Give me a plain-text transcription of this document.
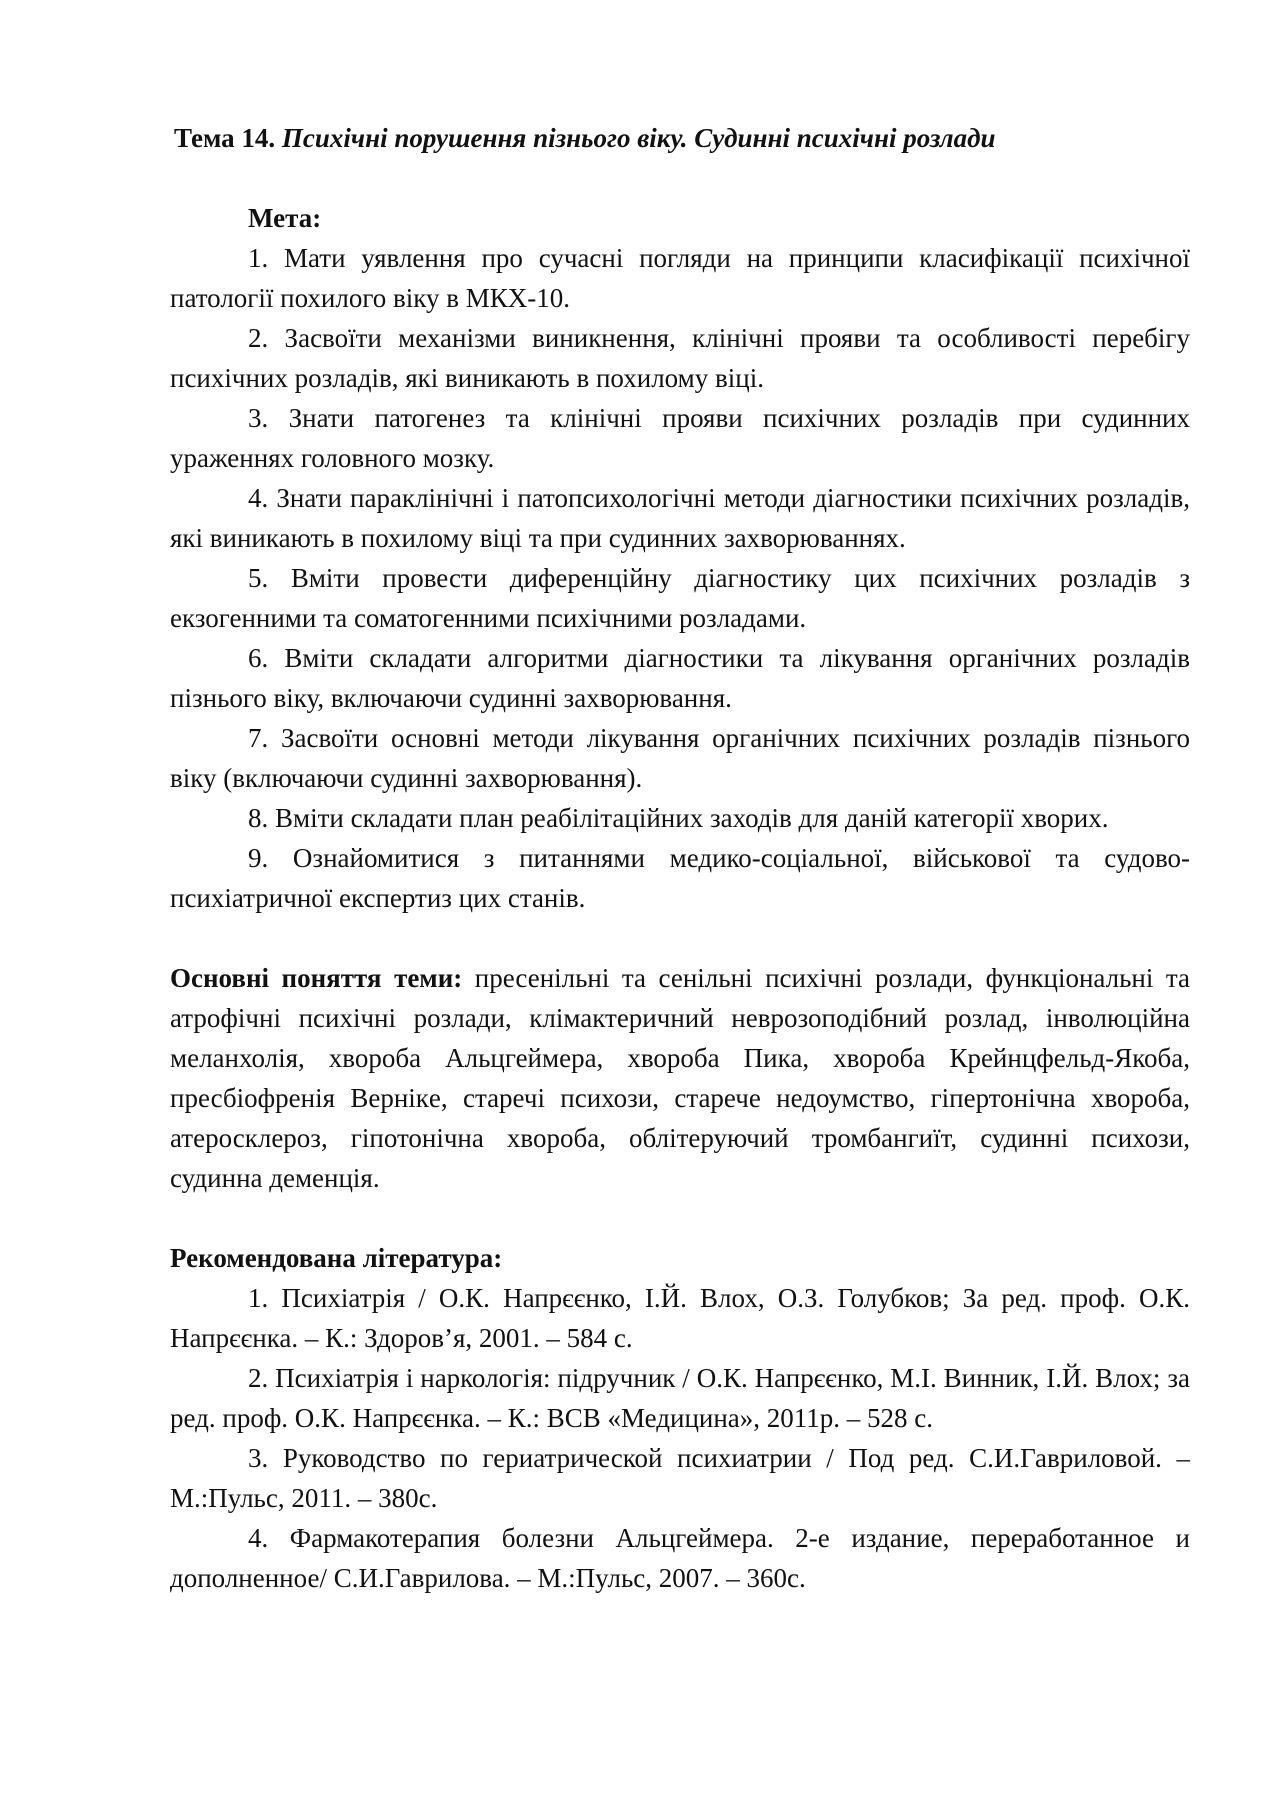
Тема 14. Психічні порушення пізнього віку. Судинні психічні розлади

Мета:

1. Мати уявлення про сучасні погляди на принципи класифікації психічної патології похилого віку в МКХ-10.

2. Засвоїти механізми виникнення, клінічні прояви та особливості перебігу психічних розладів, які виникають в похилому віці.

3. Знати патогенез та клінічні прояви психічних розладів при судинних ураженнях головного мозку.

4. Знати параклінічні і патопсихологічні методи діагностики психічних розладів, які виникають в похилому віці та при судинних захворюваннях.

5. Вміти провести диференційну діагностику цих психічних розладів з екзогенними та соматогенними психічними розладами.

6. Вміти складати алгоритми діагностики та лікування органічних розладів пізнього віку, включаючи судинні захворювання.

7. Засвоїти основні методи лікування органічних психічних розладів пізнього віку (включаючи судинні захворювання).

8. Вміти складати план реабілітаційних заходів для даній категорії хворих.

9. Ознайомитися з питаннями медико-соціальної, військової та судово-психіатричної експертиз цих станів.

Основні поняття теми: пресенільні та сенільні психічні розлади, функціональні та атрофічні психічні розлади, клімактеричний неврозоподібний розлад, інволюційна меланхолія, хвороба Альцгеймера, хвороба Пика, хвороба Крейнцфельд-Якоба, пресбіофренія Вернікe, старечі психози, старече недоумство, гіпертонічна хвороба, атеросклероз, гіпотонічна хвороба, облітеруючий тромбангиїт, судинні психози, судинна деменція.

Рекомендована література:

1. Психіатрія / О.К. Напрєєнко, І.Й. Влох, О.З. Голубков; За ред. проф. О.К. Напрєєнка. – К.: Здоров’я, 2001. – 584 с.

2. Психіатрія і наркологія: підручник / О.К. Напрєєнко, М.І. Винник, І.Й. Влох; за ред. проф. О.К. Напрєєнка. – К.: ВСВ «Медицина», 2011р. – 528 с.

3. Руководство по гериатрической психиатрии / Под ред. С.И.Гавриловой. – М.:Пульс, 2011. – 380с.

4. Фармакотерапия болезни Альцгеймера. 2-е издание, переработанное и дополненное/ С.И.Гаврилова. – М.:Пульс, 2007. – 360с.
